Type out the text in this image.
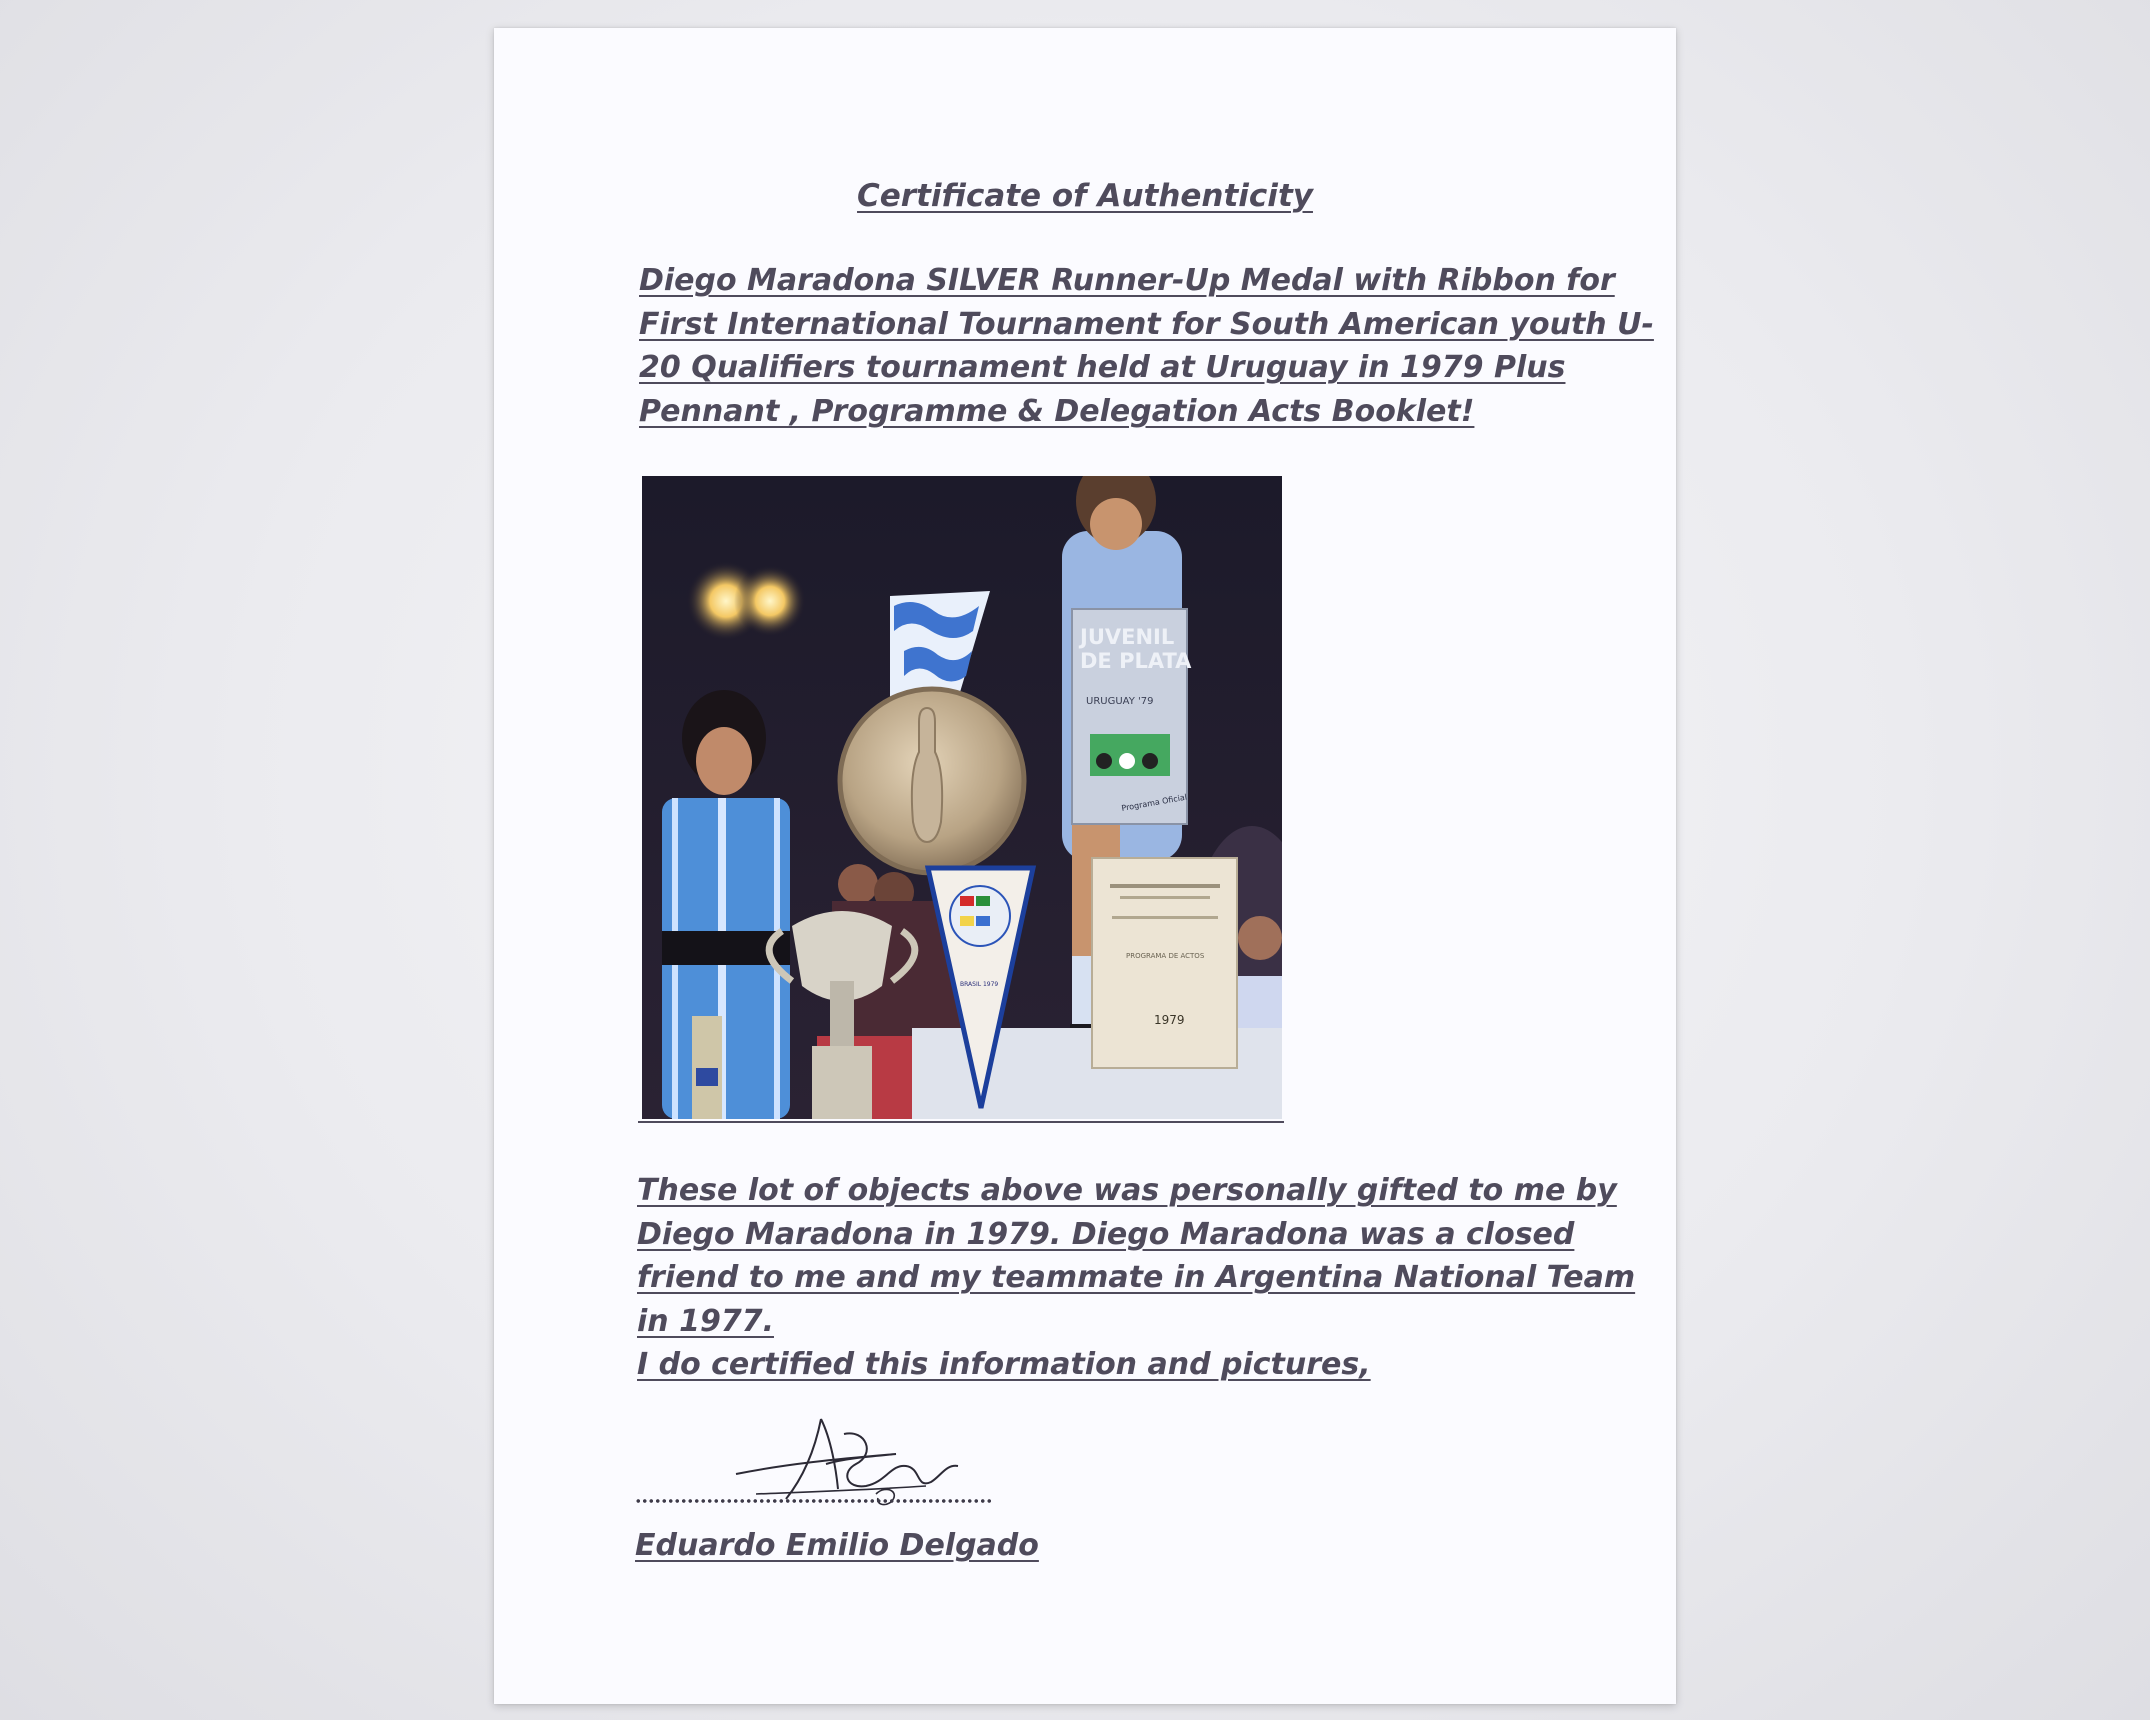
Certificate of Authenticity
Diego Maradona SILVER Runner-Up Medal with Ribbon for
First International Tournament for South American youth U-
20 Qualifiers tournament held at Uruguay in 1979 Plus
Pennant , Programme & Delegation Acts Booklet!
JUVENIL
DE PLATA
URUGUAY '79
Programa Oficial
PROGRAMA DE ACTOS
1979
BRASIL 1979
These lot of objects above was personally gifted to me by
Diego Maradona in 1979. Diego Maradona was a closed
friend to me and my teammate in Argentina National Team
in 1977.
I do certified this information and pictures,
Eduardo Emilio Delgado
